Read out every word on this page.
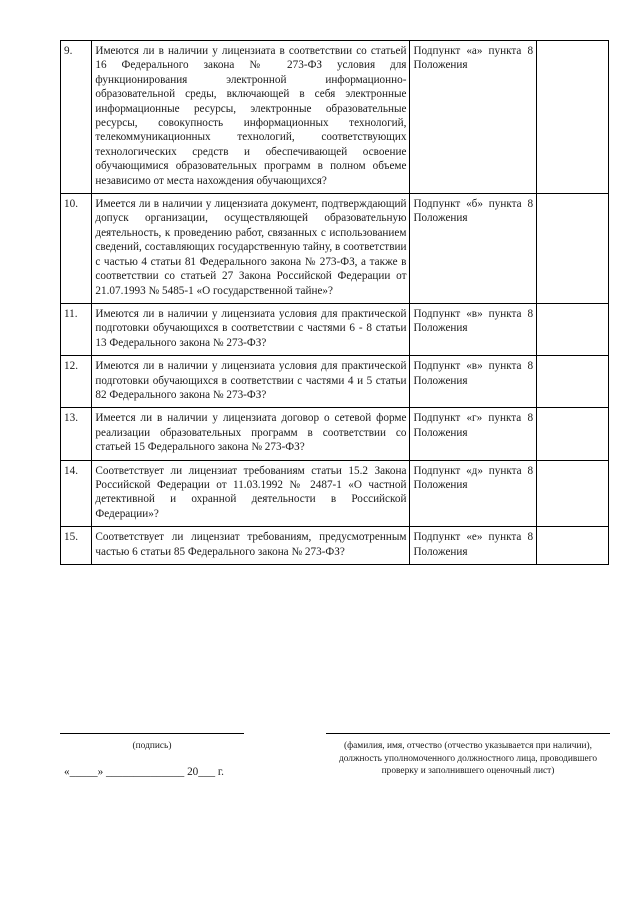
9.	Имеются ли в наличии у лицензиата в соответствии со статьей 16 Федерального закона № 273-ФЗ условия для функционирования электронной информационно-образовательной среды, включающей в себя электронные информационные ресурсы, электронные образовательные ресурсы, совокупность информационных технологий, телекоммуникационных технологий, соответствующих технологических средств и обеспечивающей освоение обучающимися образовательных программ в полном объеме независимо от места нахождения обучающихся?	Подпункт «а» пункта 8 Положения	
10.	Имеется ли в наличии у лицензиата документ, подтверждающий допуск организации, осуществляющей образовательную деятельность, к проведению работ, связанных с использованием сведений, составляющих государственную тайну, в соответствии с частью 4 статьи 81 Федерального закона № 273-ФЗ, а также в соответствии со статьей 27 Закона Российской Федерации от 21.07.1993 № 5485-1 «О государственной тайне»?	Подпункт «б» пункта 8 Положения	
11.	Имеются ли в наличии у лицензиата условия для практической подготовки обучающихся в соответствии с частями 6 - 8 статьи 13 Федерального закона № 273-ФЗ?	Подпункт «в» пункта 8 Положения	
12.	Имеются ли в наличии у лицензиата условия для практической подготовки обучающихся в соответствии с частями 4 и 5 статьи 82 Федерального закона № 273-ФЗ?	Подпункт «в» пункта 8 Положения	
13.	Имеется ли в наличии у лицензиата договор о сетевой форме реализации образовательных программ в соответствии со статьей 15 Федерального закона № 273-ФЗ?	Подпункт «г» пункта 8 Положения	
14.	Соответствует ли лицензиат требованиям статьи 15.2 Закона Российской Федерации от 11.03.1992 № 2487-1 «О частной детективной и охранной деятельности в Российской Федерации»?	Подпункт «д» пункта 8 Положения	
15.	Соответствует ли лицензиат требованиям, предусмотренным частью 6 статьи 85 Федерального закона № 273-ФЗ?	Подпункт «е» пункта 8 Положения	
(подпись)
«_____» ______________ 20___ г.
(фамилия, имя, отчество (отчество указывается при наличии), должность уполномоченного должностного лица, проводившего проверку и заполнившего оценочный лист)
